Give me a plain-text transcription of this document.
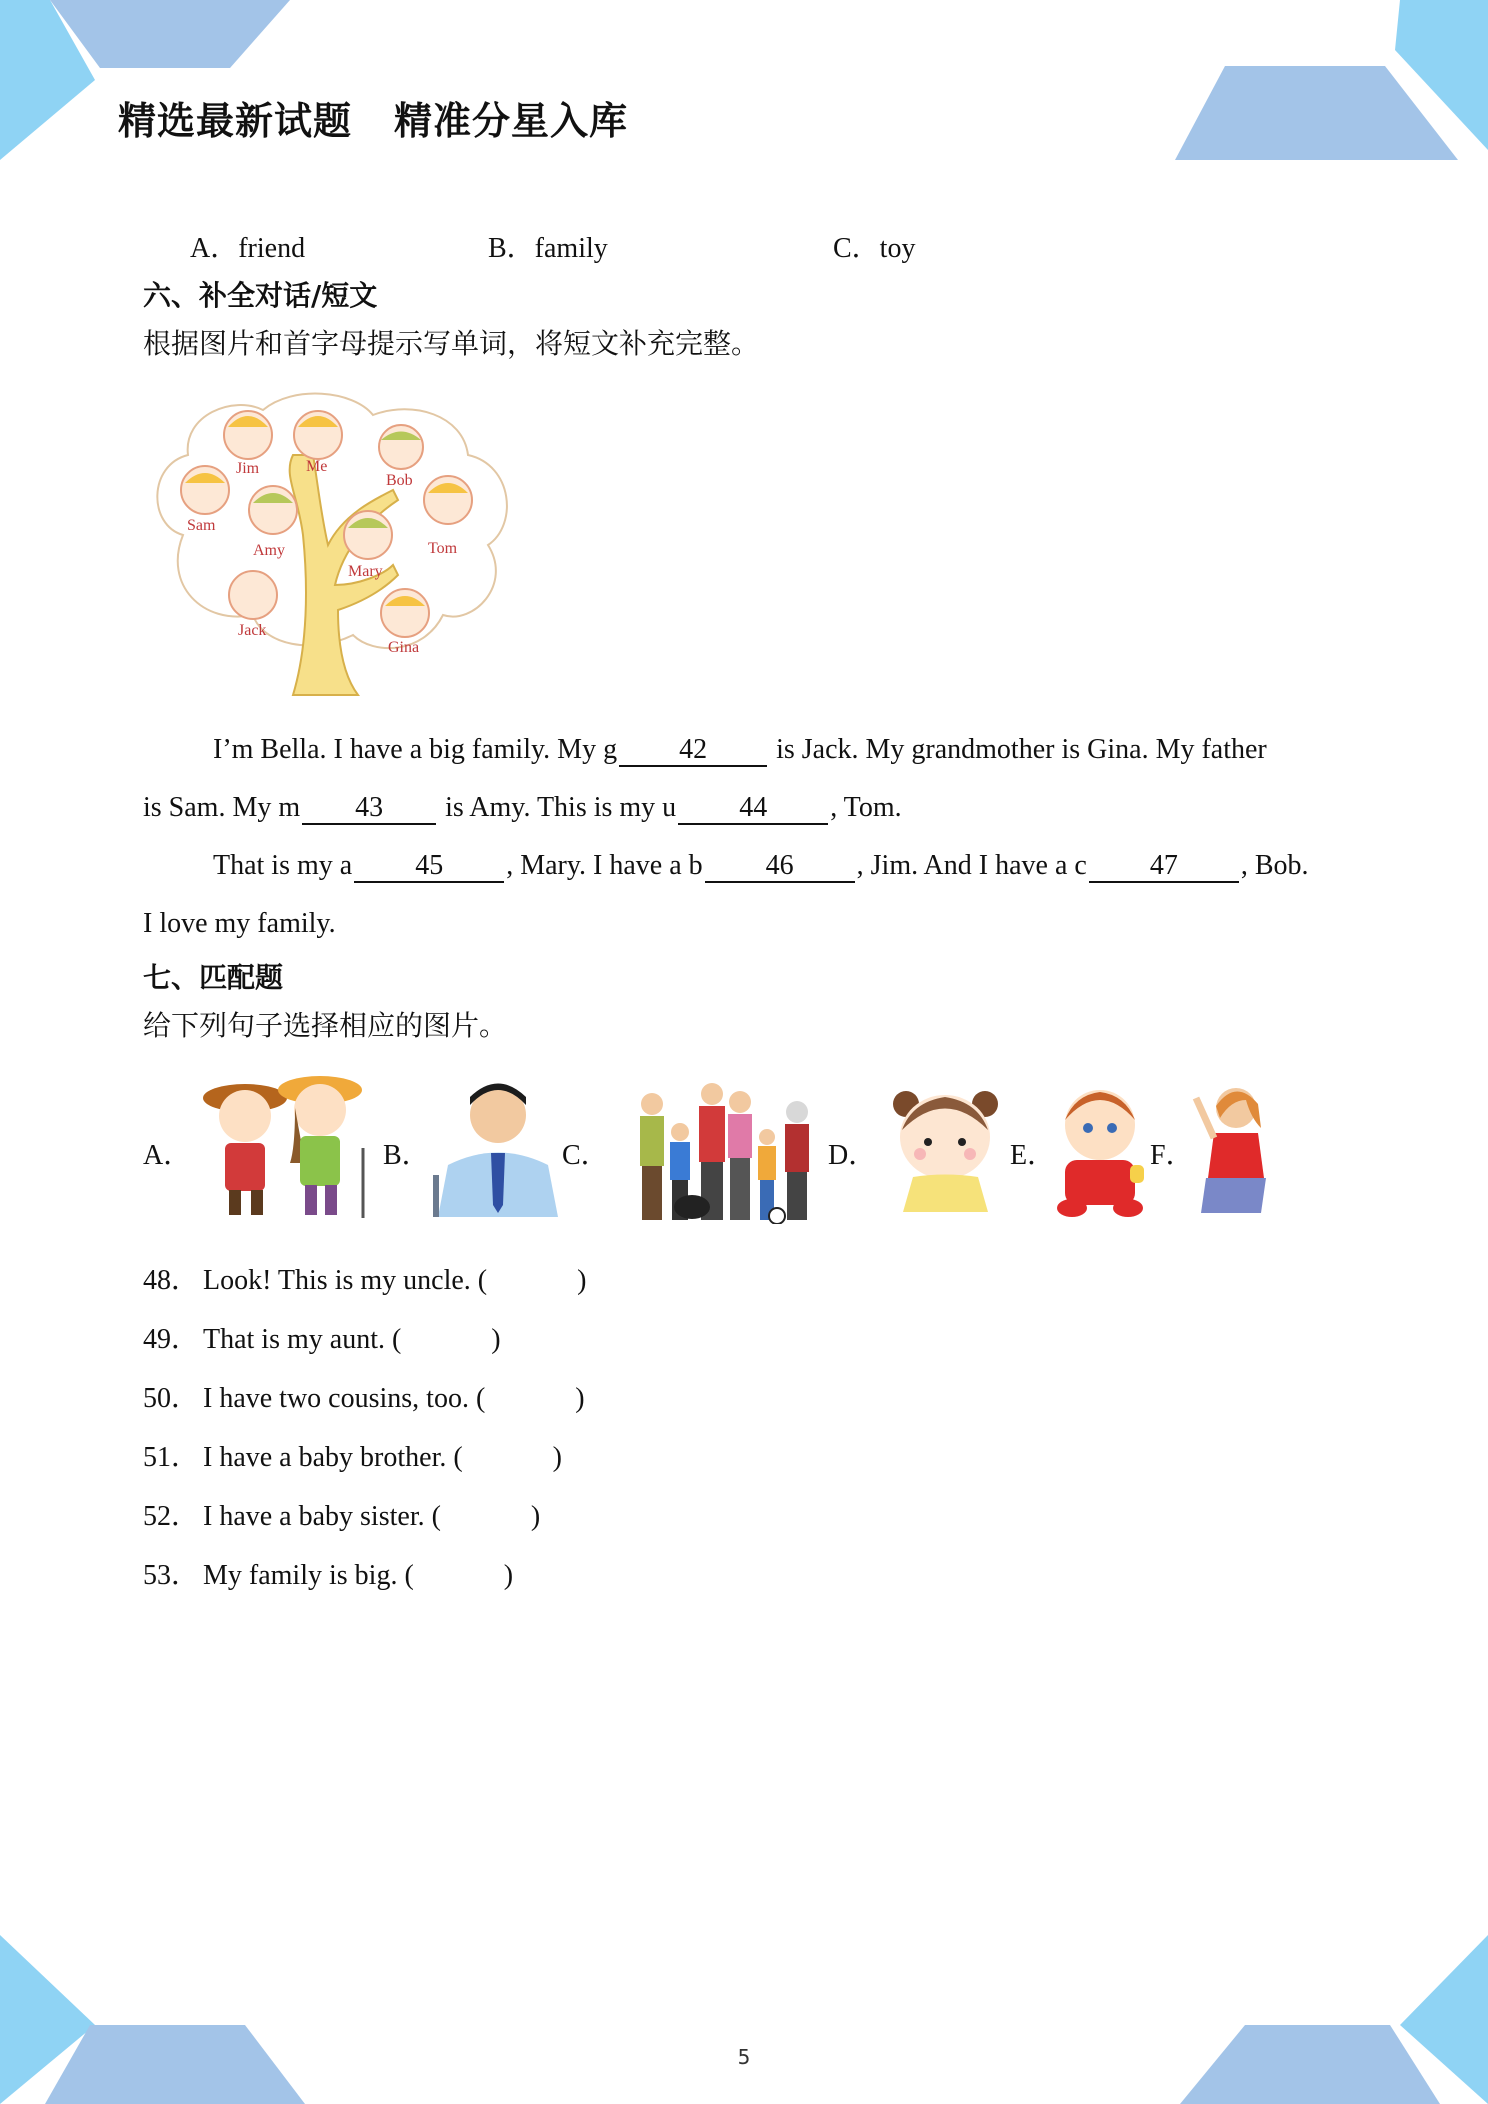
精选最新试题 精准分星入库
A．friend	B．family	C．toy
六、补全对话/短文
根据图片和首字母提示写单词，将短文补充完整。
Jim	Me
Bob
Sam
Amy	Tom
Mary
Jack
Gina
I’m Bella. I have a big family. My g 42 is Jack. My grandmother is Gina. My father
is Sam. My m 43 is Amy. This is my u 44 , Tom.
That is my a 45 , Mary. I have a b 46 , Jim. And I have a c 47 , Bob.
I love my family.
七、匹配题
给下列句子选择相应的图片。
A．	B．	C．	D．	E．	F．
48． Look! This is my uncle. (	)
49． That is my aunt. (	)
50． I have two cousins, too. (	)
51． I have a baby brother. (	)
52． I have a baby sister. (	)
53． My family is big. (	)
5
